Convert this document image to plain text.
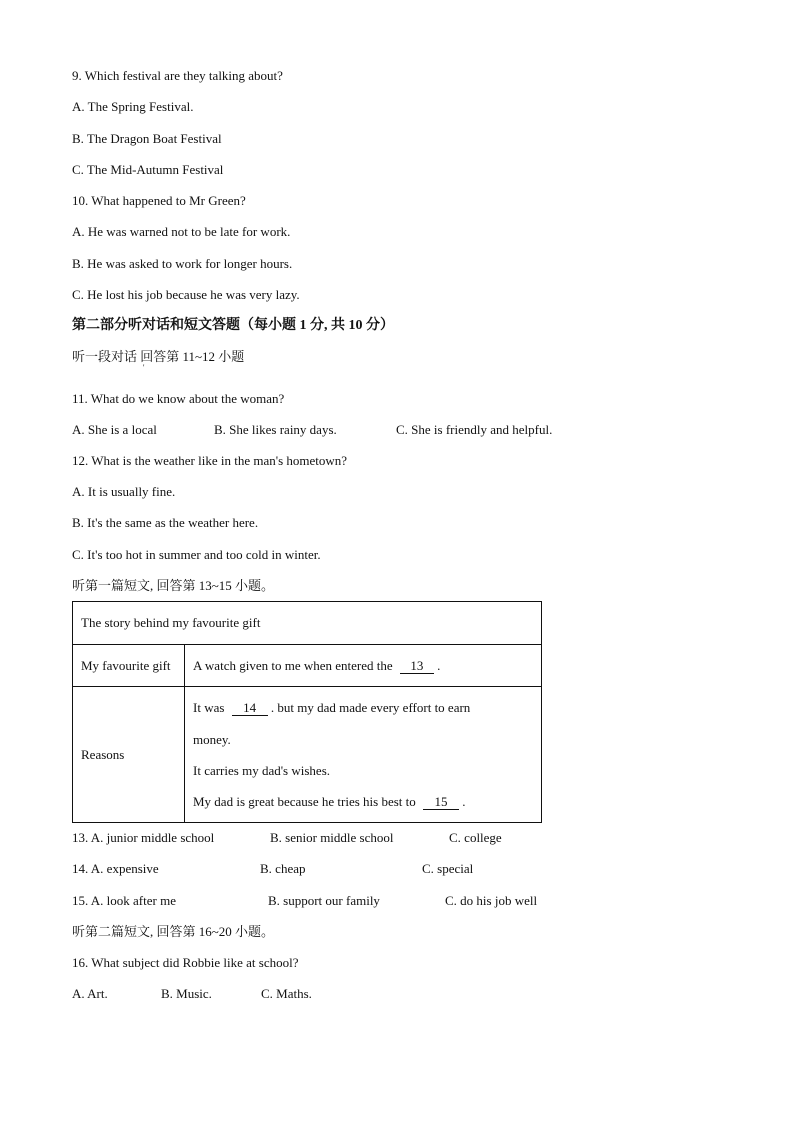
9. Which festival are they talking about?
A. The Spring Festival.
B. The Dragon Boat Festival
C. The Mid-Autumn Festival
10. What happened to Mr Green?
A. He was warned not to be late for work.
B. He was asked to work for longer hours.
C. He lost his job because he was very lazy.
第二部分听对话和短文答题（每小题 1 分, 共 10 分）
听一段对话 回答第 11~12 小题
'
11. What do we know about the woman?
A. She is a local	B. She likes rainy days.	C. She is friendly and helpful.
12. What is the weather like in the man's hometown?
A. It is usually fine.
B. It's the same as the weather here.
C. It's too hot in summer and too cold in winter.
听第一篇短文, 回答第 13~15 小题。
The story behind my favourite gift	
My favourite gift	A watch given to me when entered the 13 .
Reasons	It was 14 . but my dad made every effort to earn

money.

It carries my dad's wishes.

My dad is great because he tries his best to 15 .

13. A. junior middle school	B. senior middle school	C. college
14. A. expensive	B. cheap	C. special
15. A. look after me	B. support our family	C. do his job well
听第二篇短文, 回答第 16~20 小题。
16. What subject did Robbie like at school?
A. Art.	B. Music.	C. Maths.
